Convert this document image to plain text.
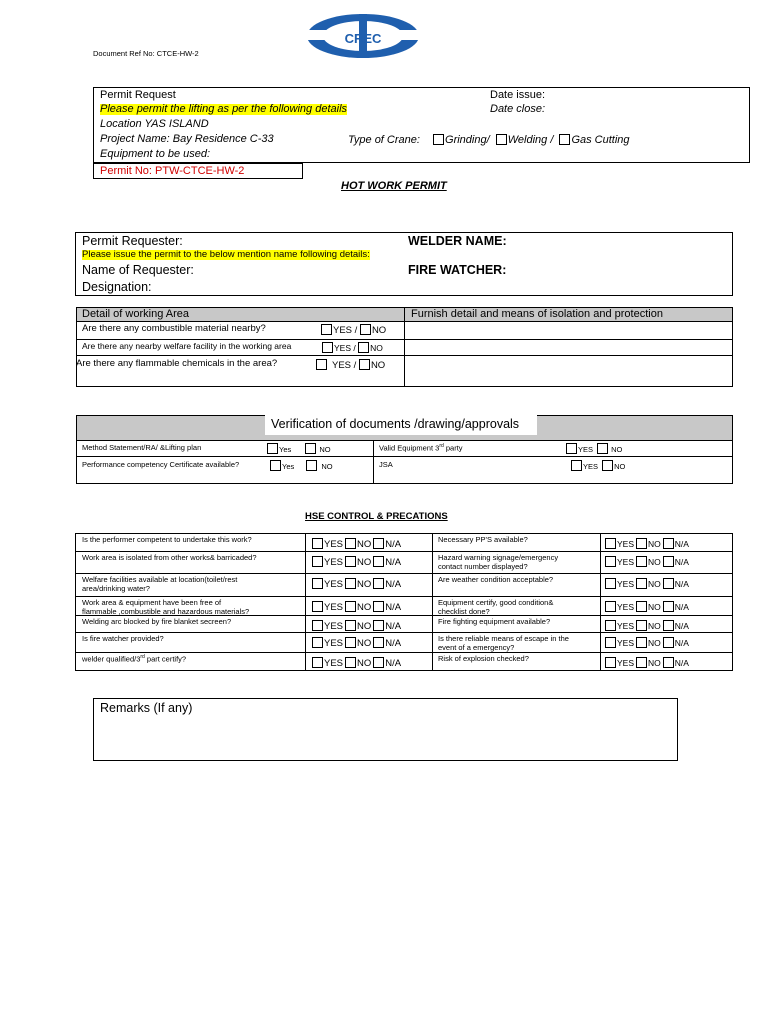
Document Ref No: CTCE-HW-2
CREC
Permit Request
Please permit the lifting as per the following details
Location YAS ISLAND
Project Name: Bay Residence C-33
Equipment to be used:
Date issue:
Date close:
Type of Crane: Grinding/ Welding / Gas Cutting
Permit No: PTW-CTCE-HW-2
HOT WORK PERMIT
Permit Requester:	WELDER NAME:
Please issue the permit to the below mention name following details:
Name of Requester:	FIRE WATCHER:
Designation:
Detail of working Area	Furnish detail and means of isolation and protection
Are there any combustible material nearby?	YES / NO
Are there any nearby welfare facility in the working area	YES / NO
Are there any flammable chemicals in the area?	YES / NO
Verification of documents /drawing/approvals
Method Statement/RA/ &Lifting plan	Yes	NO	Valid Equipment 3rd party	YES NO
Performance competency Certificate available?	Yes	NO	JSA	YES NO
HSE CONTROL & PRECATIONS
Is the performer competent to undertake this work?	YES NO N/A	Necessary PP'S available?	YES NO N/A
Work area is isolated from other works& barricaded?	YES NO N/A	Hazard warning signage/emergency
contact number displayed?	YES NO N/A
Welfare facilities available at location(toilet/rest
area/drinking water?	YES NO N/A	Are weather condition acceptable?	YES NO N/A
Work area & equipment have been free of
flammable ,combustible and hazardous materials?	YES NO N/A	Equipment certify, good condition&
checklist done?	YES NO N/A
Welding arc blocked by fire blanket secreen?	YES NO N/A	Fire fighting equipment available?	YES NO N/A
Is fire watcher provided?	YES NO N/A	Is there reliable means of escape in the
event of a emergency?	YES NO N/A
welder qualified/3rd part certify?	YES NO N/A	Risk of explosion checked?	YES NO N/A
Remarks (If any)
